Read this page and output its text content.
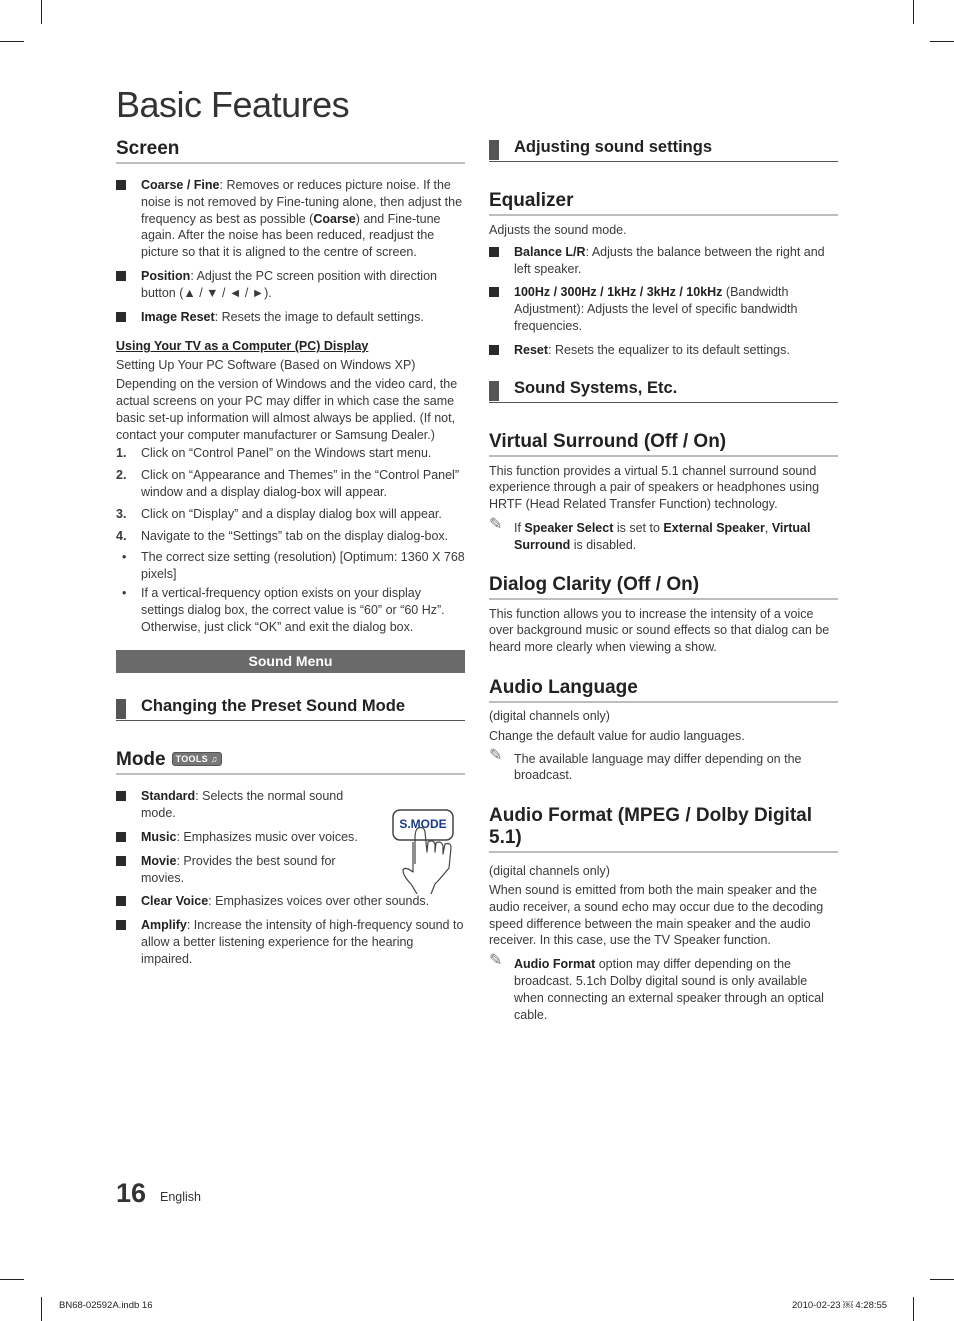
Basic Features
Screen
Coarse / Fine: Removes or reduces picture noise. If the noise is not removed by Fine-tuning alone, then adjust the frequency as best as possible (Coarse) and Fine-tune again. After the noise has been reduced, readjust the picture so that it is aligned to the centre of screen.
Position: Adjust the PC screen position with direction button (▲ / ▼ / ◄ / ►).
Image Reset: Resets the image to default settings.

Using Your TV as a Computer (PC) Display

Setting Up Your PC Software (Based on Windows XP)

Depending on the version of Windows and the video card, the actual screens on your PC may differ in which case the same basic set-up information will almost always be applied. (If not, contact your computer manufacturer or Samsung Dealer.)

1. Click on “Control Panel” on the Windows start menu.
2. Click on “Appearance and Themes” in the “Control Panel” window and a display dialog-box will appear.
3. Click on “Display” and a display dialog box will appear.
4. Navigate to the “Settings” tab on the display dialog-box.
• The correct size setting (resolution) [Optimum: 1360 X 768 pixels]
• If a vertical-frequency option exists on your display settings dialog box, the correct value is “60” or “60 Hz”. Otherwise, just click “OK” and exit the dialog box.
Sound Menu
Changing the Preset Sound Mode
Mode TOOLS ♫
Standard: Selects the normal sound mode.
Music: Emphasizes music over voices.
Movie: Provides the best sound for movies.
Clear Voice: Emphasizes voices over other sounds.
Amplify: Increase the intensity of high-frequency sound to allow a better listening experience for the hearing impaired.
S.MODE
Adjusting sound settings
Equalizer

Adjusts the sound mode.

Balance L/R: Adjusts the balance between the right and left speaker.
100Hz / 300Hz / 1kHz / 3kHz / 10kHz (Bandwidth Adjustment): Adjusts the level of specific bandwidth frequencies.
Reset: Resets the equalizer to its default settings.
Sound Systems, Etc.
Virtual Surround (Off / On)

This function provides a virtual 5.1 channel surround sound experience through a pair of speakers or headphones using HRTF (Head Related Transfer Function) technology.

✎ If Speaker Select is set to External Speaker, Virtual Surround is disabled.
Dialog Clarity (Off / On)

This function allows you to increase the intensity of a voice over background music or sound effects so that dialog can be heard more clearly when viewing a show.

Audio Language

(digital channels only)

Change the default value for audio languages.

✎ The available language may differ depending on the broadcast.
Audio Format (MPEG / Dolby Digital 5.1)

(digital channels only)

When sound is emitted from both the main speaker and the audio receiver, a sound echo may occur due to the decoding speed difference between the main speaker and the audio receiver. In this case, use the TV Speaker function.

✎ Audio Format option may differ depending on the broadcast. 5.1ch Dolby digital sound is only available when connecting an external speaker through an optical cable.
16 English
BN68-02592A.indb 16	2010-02-23 ￼ 4:28:55
